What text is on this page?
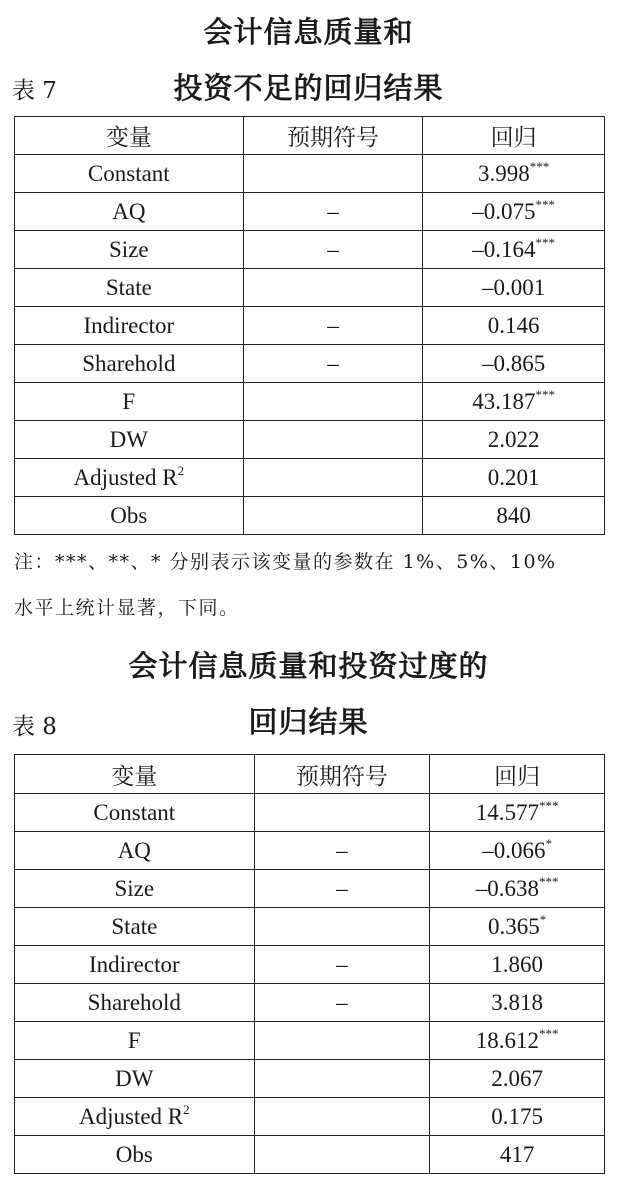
会计信息质量和
表 7	投资不足的回归结果
变量	预期符号	回归
Constant		3.998***
AQ	–	–0.075***
Size	–	–0.164***
State		–0.001
Indirector	–	0.146
Sharehold	–	–0.865
F		43.187***
DW		2.022
Adjusted $R^2$		0.201
Obs		840
注：***、**、* 分别表示该变量的参数在 1%、5%、10%
水平上统计显著，下同。
会计信息质量和投资过度的
表 8	回归结果
变量	预期符号	回归
Constant		14.577***
AQ	–	–0.066*
Size	–	–0.638***
State		0.365*
Indirector	–	1.860
Sharehold	–	3.818
F		18.612***
DW		2.067
Adjusted $R^2$		0.175
Obs		417
